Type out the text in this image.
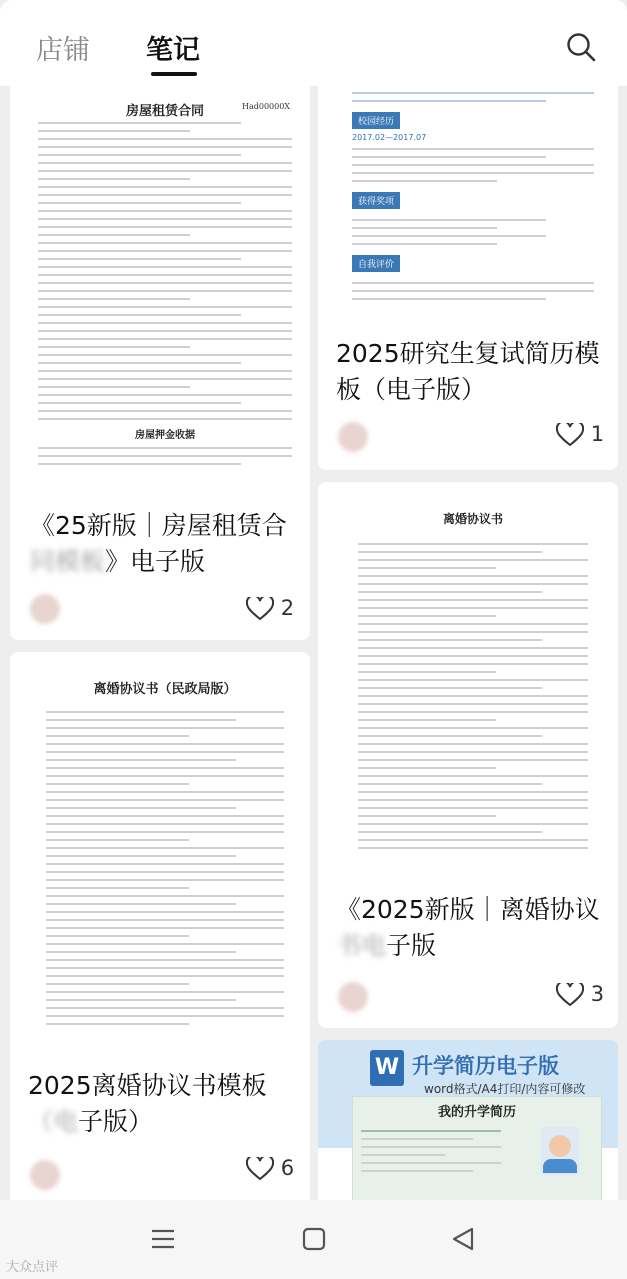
店铺 笔记
房屋租赁合同	Had00000X
房屋押金收据
《25新版｜房屋租赁合
同模板》电子版
2
离婚协议书（民政局版）
2025离婚协议书模板
（电子版）
6
校园经历
2017.02—2017.07
获得奖项
自我评价
2025研究生复试简历模
板（电子版）
1
离婚协议书
《2025新版｜离婚协议
书电子版
3
W 升学简历电子版
word格式/A4打印/内容可修改
我的升学简历
大众点评
